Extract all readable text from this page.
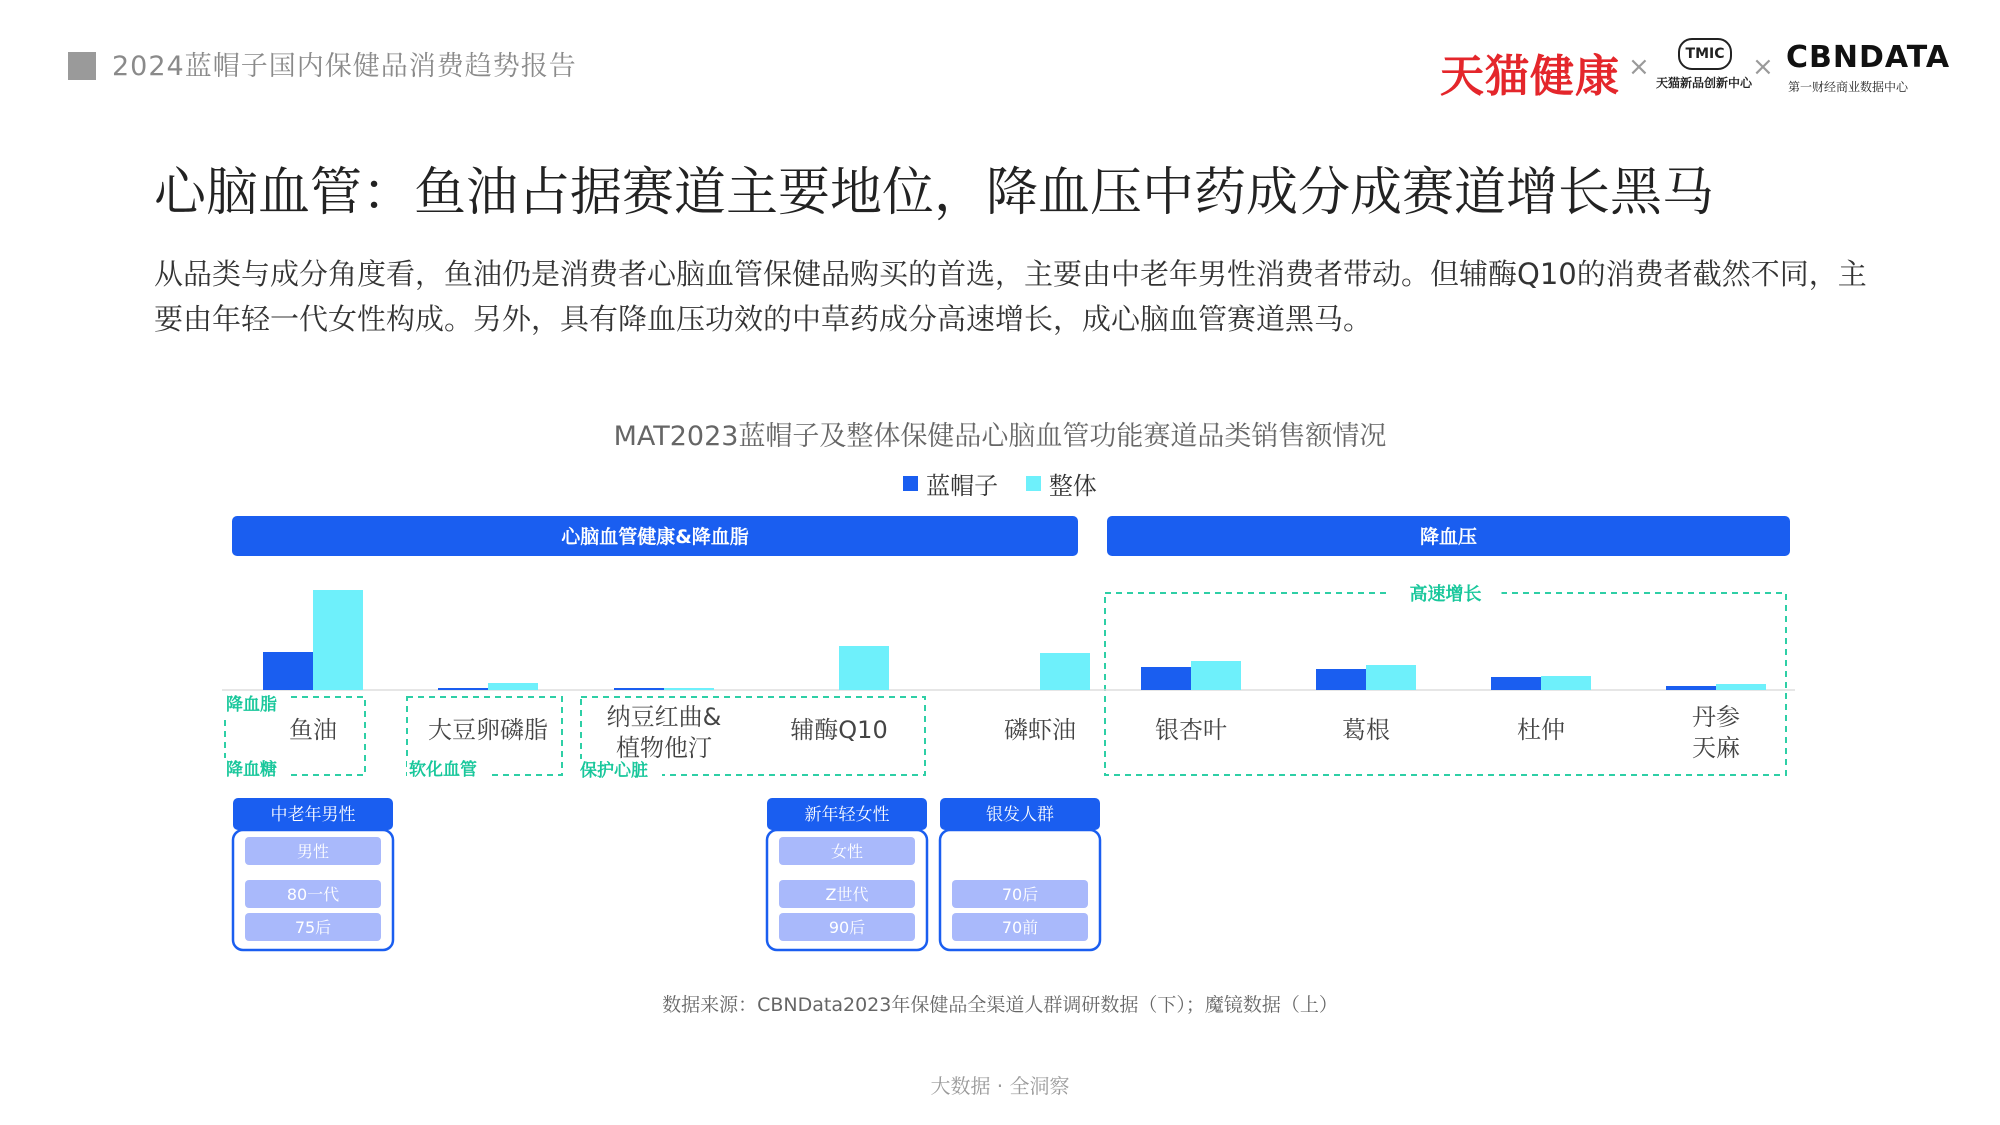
2024蓝帽子国内保健品消费趋势报告	天猫健康 ×	TMIC
天猫新品创新中心
× CBNDATA
第一财经商业数据中心
心脑血管：鱼油占据赛道主要地位，降血压中药成分成赛道增长黑马
从品类与成分角度看，鱼油仍是消费者心脑血管保健品购买的首选，主要由中老年男性消费者带动。但辅酶Q10的消费者截然不同，主要由年轻一代女性构成。另外，具有降血压功效的中草药成分高速增长，成心脑血管赛道黑马。
MAT2023蓝帽子及整体保健品心脑血管功能赛道品类销售额情况
蓝帽子
整体
心脑血管健康&降血脂	降血压
高速增长
降血脂
降血糖	软化血管	保护心脏
鱼油	大豆卵磷脂 纳豆红曲&
植物他汀
辅酶Q10	磷虾油	银杏叶	葛根	杜仲	丹参
天麻
中老年男性
男性
80一代
75后
新年轻女性
女性
Z世代
90后
银发人群
70后
70前
数据来源：CBNData2023年保健品全渠道人群调研数据（下）；魔镜数据（上）
大数据 · 全洞察
